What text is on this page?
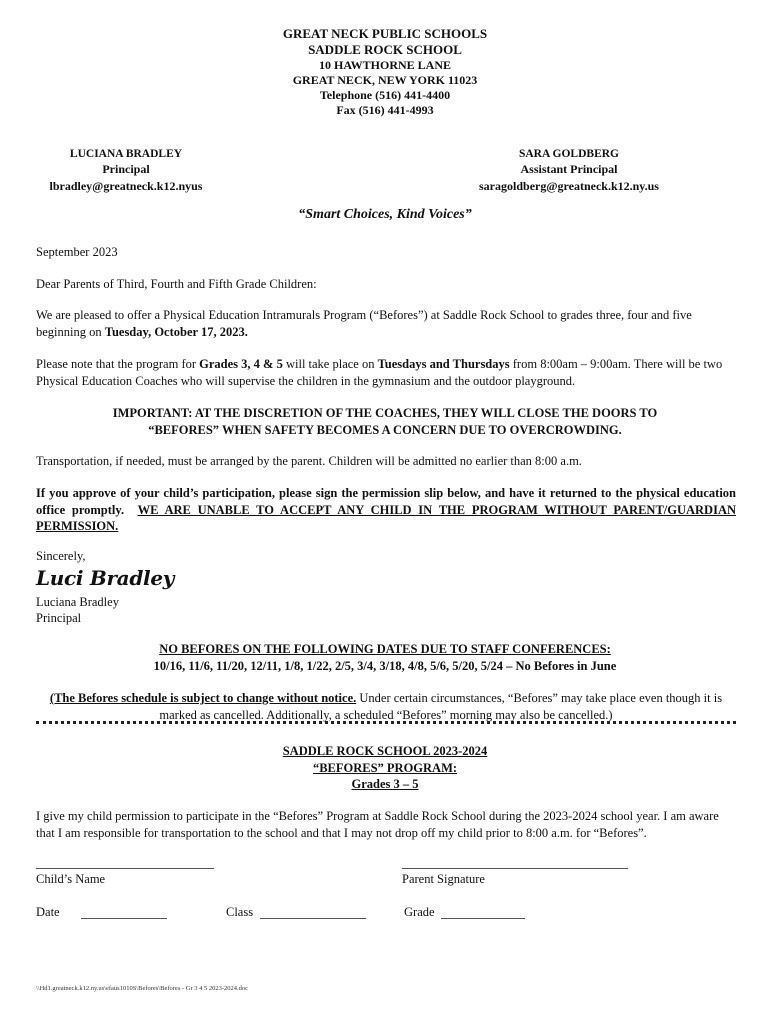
GREAT NECK PUBLIC SCHOOLS
SADDLE ROCK SCHOOL
10 HAWTHORNE LANE
GREAT NECK, NEW YORK 11023
Telephone (516) 441-4400
Fax (516) 441-4993
LUCIANA BRADLEY
Principal
lbradley@greatneck.k12.nyus
SARA GOLDBERG
Assistant Principal
saragoldberg@greatneck.k12.ny.us
“Smart Choices, Kind Voices”
September 2023
Dear Parents of Third, Fourth and Fifth Grade Children:
We are pleased to offer a Physical Education Intramurals Program (“Befores”) at Saddle Rock School to grades three, four and five beginning on Tuesday, October 17, 2023.
Please note that the program for Grades 3, 4 & 5 will take place on Tuesdays and Thursdays from 8:00am – 9:00am. There will be two Physical Education Coaches who will supervise the children in the gymnasium and the outdoor playground.
IMPORTANT: AT THE DISCRETION OF THE COACHES, THEY WILL CLOSE THE DOORS TO
“BEFORES” WHEN SAFETY BECOMES A CONCERN DUE TO OVERCROWDING.
Transportation, if needed, must be arranged by the parent. Children will be admitted no earlier than 8:00 a.m.
If you approve of your child’s participation, please sign the permission slip below, and have it returned to the physical education office promptly. WE ARE UNABLE TO ACCEPT ANY CHILD IN THE PROGRAM WITHOUT PARENT/GUARDIAN PERMISSION.
Sincerely,
Luci Bradley
Luciana Bradley
Principal
NO BEFORES ON THE FOLLOWING DATES DUE TO STAFF CONFERENCES:
10/16, 11/6, 11/20, 12/11, 1/8, 1/22, 2/5, 3/4, 3/18, 4/8, 5/6, 5/20, 5/24 – No Befores in June
(The Befores schedule is subject to change without notice. Under certain circumstances, “Befores” may take place even though it is marked as cancelled. Additionally, a scheduled “Befores” morning may also be cancelled.)
SADDLE ROCK SCHOOL 2023-2024
“BEFORES” PROGRAM:
Grades 3 – 5
I give my child permission to participate in the “Befores” Program at Saddle Rock School during the 2023-2024 school year. I am aware that I am responsible for transportation to the school and that I may not drop off my child prior to 8:00 a.m. for “Befores”.
Child’s Name	Parent Signature
Date	Class	Grade
\\Hd1.greatneck.k12.ny.us\efaus1010S\Befores\Befores - Gr 3 4 5 2023-2024.doc
